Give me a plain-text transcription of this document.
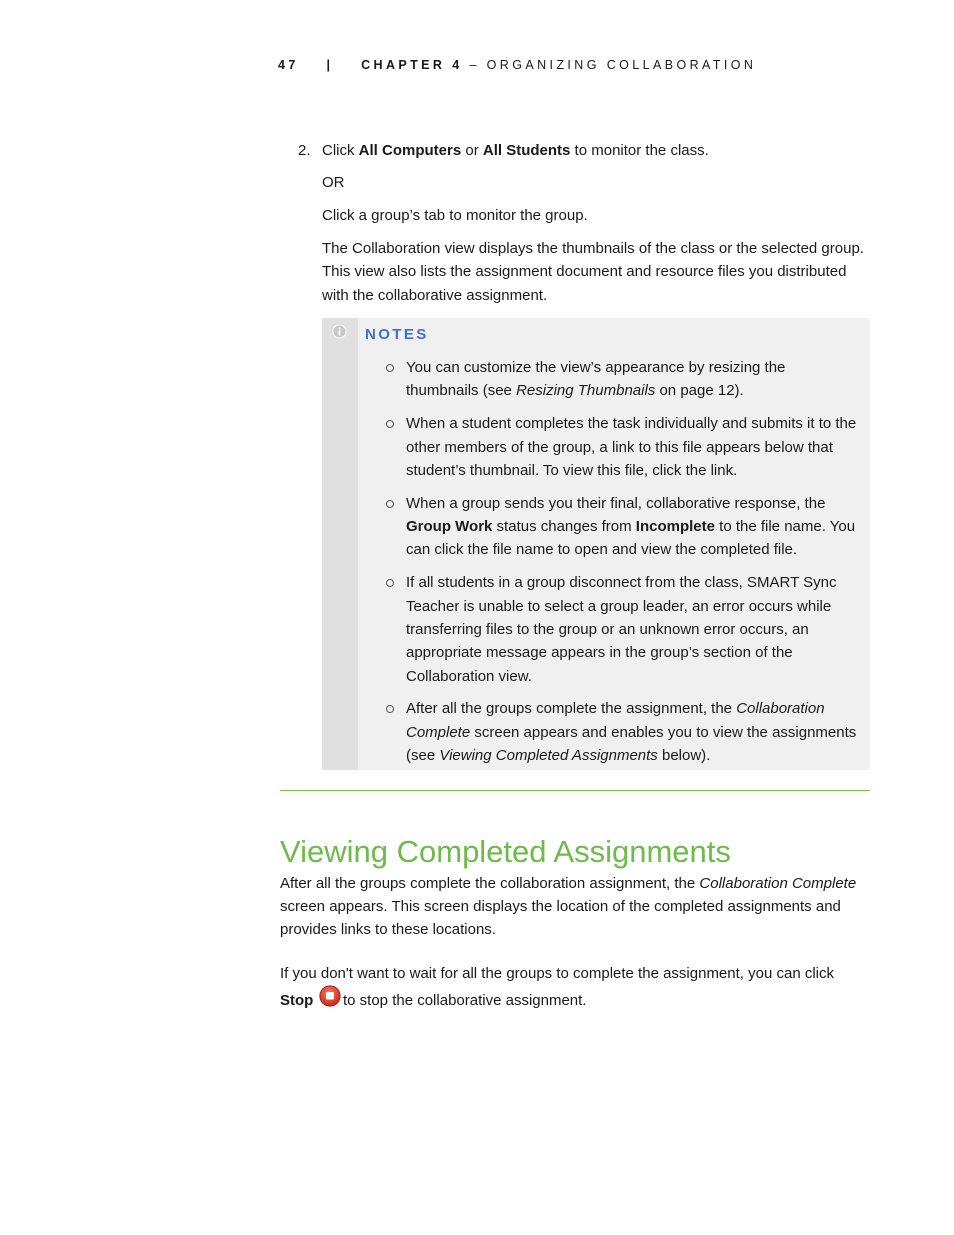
47 | CHAPTER 4 – ORGANIZING COLLABORATION
2. Click All Computers or All Students to monitor the class.
OR
Click a group’s tab to monitor the group.
The Collaboration view displays the thumbnails of the class or the selected group.
This view also lists the assignment document and resource files you distributed
with the collaborative assignment.
NOTES
You can customize the view’s appearance by resizing the
thumbnails (see Resizing Thumbnails on page 12).
When a student completes the task individually and submits it to the
other members of the group, a link to this file appears below that
student’s thumbnail. To view this file, click the link.
When a group sends you their final, collaborative response, the
Group Work status changes from Incomplete to the file name. You
can click the file name to open and view the completed file.
If all students in a group disconnect from the class, SMART Sync
Teacher is unable to select a group leader, an error occurs while
transferring files to the group or an unknown error occurs, an
appropriate message appears in the group’s section of the
Collaboration view.
After all the groups complete the assignment, the Collaboration
Complete screen appears and enables you to view the assignments
(see Viewing Completed Assignments below).
Viewing Completed Assignments
After all the groups complete the collaboration assignment, the Collaboration Complete
screen appears. This screen displays the location of the completed assignments and
provides links to these locations.
If you don't want to wait for all the groups to complete the assignment, you can click
Stop to stop the collaborative assignment.
